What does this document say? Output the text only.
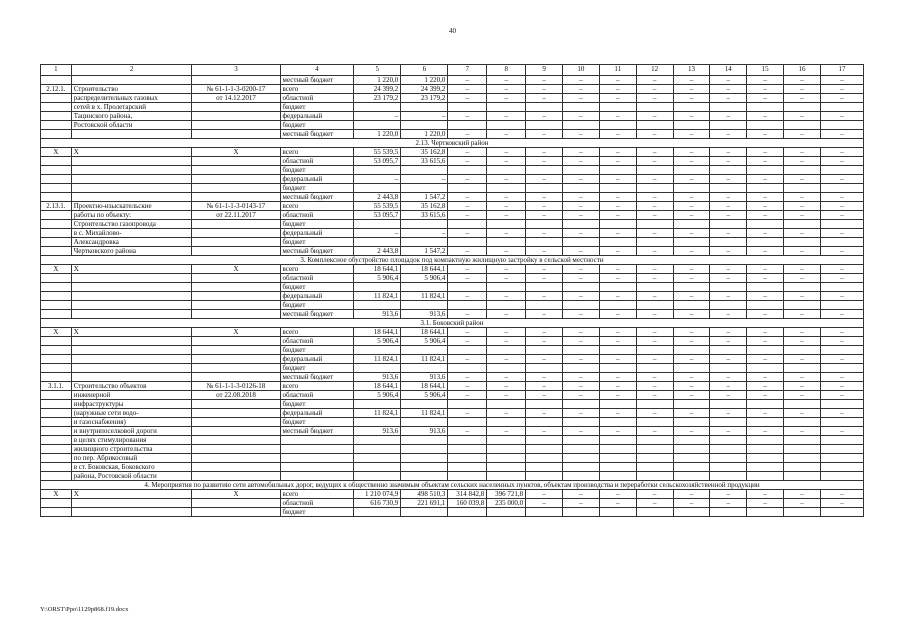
40
1	2	3	4	5	6	7	8	9	10	11	12	13	14	15	16	17
			местный бюджет	1 220,0	1 220,0	–	–	–	–	–	–	–	–	–	–	–
2.12.1.	Строительство	№ 61-1-1-3-0200-17	всего	24 399,2	24 399,2	–	–	–	–	–	–	–	–	–	–	–
	распределительных газовых	от 14.12.2017	областной	23 179,2	23 179,2	–	–	–	–	–	–	–	–	–	–	–
	сетей в х. Пролетарский		бюджет													
	Тацинского района,		федеральный	–	–	–	–	–	–	–	–	–	–	–	–	–
	Ростовской области		бюджет													
			местный бюджет	1 220,0	1 220,0	–	–	–	–	–	–	–	–	–	–	–
2.13. Чертковский район																
X	X	X	всего	55 539,5	35 162,8	–	–	–	–	–	–	–	–	–	–	–
			областной	53 095,7	33 615,6	–	–	–	–	–	–	–	–	–	–	–
			бюджет													
			федеральный	–	–	–	–	–	–	–	–	–	–	–	–	–
			бюджет													
			местный бюджет	2 443,8	1 547,2	–	–	–	–	–	–	–	–	–	–	–
2.13.1.	Проектно-изыскательские	№ 61-1-1-3-0143-17	всего	55 539,5	35 162,8	–	–	–	–	–	–	–	–	–	–	–
	работы по объекту:	от 22.11.2017	областной	53 095,7	33 615,6	–	–	–	–	–	–	–	–	–	–	–
	Строительство газопровода		бюджет													
	в с. Михайлово-		федеральный	–	–	–	–	–	–	–	–	–	–	–	–	–
	Александровка		бюджет													
	Чертковского района		местный бюджет	2 443,8	1 547,2	–	–	–	–	–	–	–	–	–	–	–
3. Комплексное обустройство площадок под компактную жилищную застройку в сельской местности																
X	X	X	всего	18 644,1	18 644,1	–	–	–	–	–	–	–	–	–	–	–
			областной	5 906,4	5 906,4	–	–	–	–	–	–	–	–	–	–	–
			бюджет													
			федеральный	11 824,1	11 824,1	–	–	–	–	–	–	–	–	–	–	–
			бюджет													
			местный бюджет	913,6	913,6	–	–	–	–	–	–	–	–	–	–	–
3.1. Боковский район																
X	X	X	всего	18 644,1	18 644,1	–	–	–	–	–	–	–	–	–	–	–
			областной	5 906,4	5 906,4	–	–	–	–	–	–	–	–	–	–	–
			бюджет													
			федеральный	11 824,1	11 824,1	–	–	–	–	–	–	–	–	–	–	–
			бюджет													
			местный бюджет	913,6	913,6	–	–	–	–	–	–	–	–	–	–	–
3.1.1.	Строительство объектов	№ 61-1-1-3-0126-18	всего	18 644,1	18 644,1	–	–	–	–	–	–	–	–	–	–	–
	инженерной	от 22.08.2018	областной	5 906,4	5 906,4	–	–	–	–	–	–	–	–	–	–	–
	инфраструктуры		бюджет													
	(наружные сети водо-		федеральный	11 824,1	11 824,1	–	–	–	–	–	–	–	–	–	–	–
	и газоснабжения)		бюджет													
	и внутрипоселковой дороги		местный бюджет	913,6	913,6	–	–	–	–	–	–	–	–	–	–	–
	в целях стимулирования															
	жилищного строительства															
	по пер. Абрикосовый															
	в ст. Боковская, Боковского															
	района, Ростовской области															
4. Мероприятия по развитию сети автомобильных дорог, ведущих к общественно значимым объектам сельских населенных пунктов, объектам производства и переработки сельскохозяйственной продукции																
X	X	X	всего	1 210 074,9	498 510,3	314 842,8	396 721,8	–	–	–	–	–	–	–	–	–
			областной	616 730,9	221 691,1	160 039,8	235 000,0	–	–	–	–	–	–	–	–	–
			бюджет													
Y:\ORST\Ppo\1129p868.f19.docx
